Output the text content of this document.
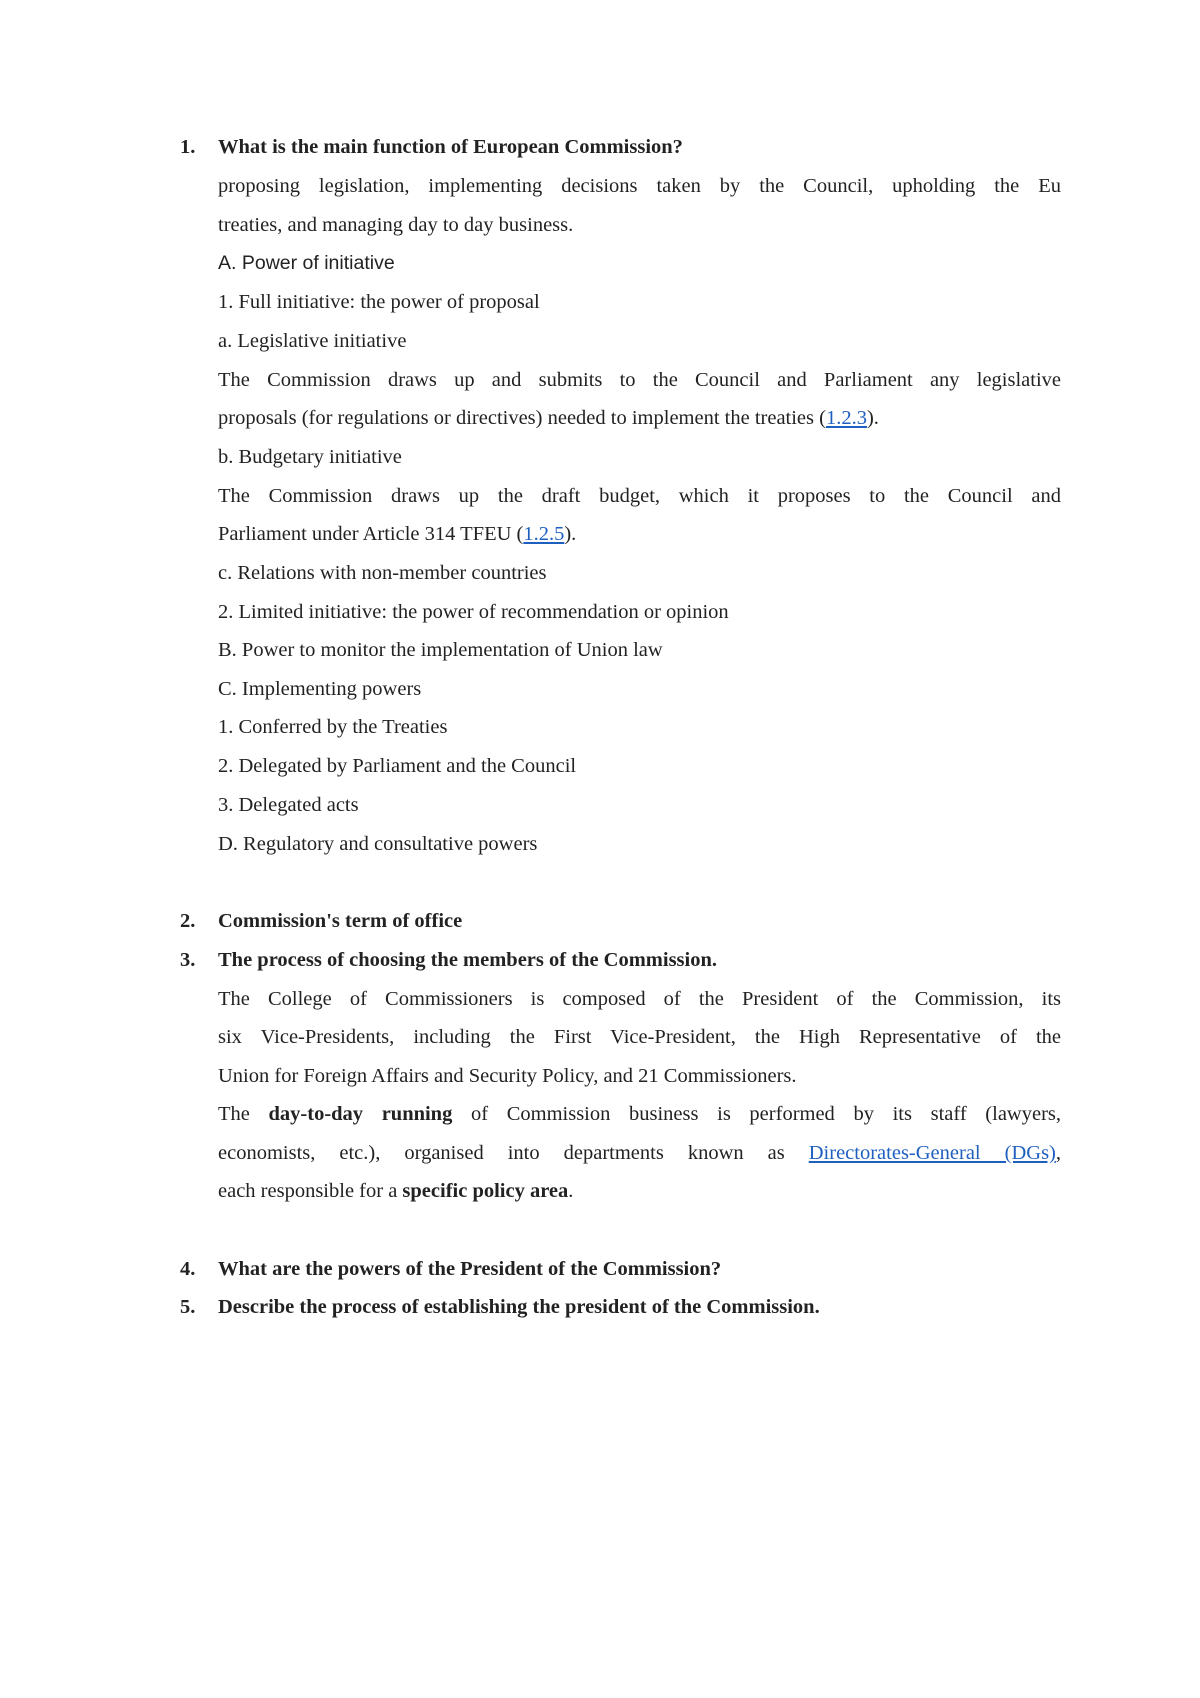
1. What is the main function of European Commission?
proposing legislation, implementing decisions taken by the Council, upholding the Eu
treaties, and managing day to day business.
A. Power of initiative
1. Full initiative: the power of proposal
a. Legislative initiative
The Commission draws up and submits to the Council and Parliament any legislative
proposals (for regulations or directives) needed to implement the treaties (1.2.3).
b. Budgetary initiative
The Commission draws up the draft budget, which it proposes to the Council and
Parliament under Article 314 TFEU (1.2.5).
c. Relations with non-member countries
2. Limited initiative: the power of recommendation or opinion
B. Power to monitor the implementation of Union law
C. Implementing powers
1. Conferred by the Treaties
2. Delegated by Parliament and the Council
3. Delegated acts
D. Regulatory and consultative powers
2. Commission's term of office
3. The process of choosing the members of the Commission.
The College of Commissioners is composed of the President of the Commission, its
six Vice-Presidents, including the First Vice-President, the High Representative of the
Union for Foreign Affairs and Security Policy, and 21 Commissioners.
The day-to-day running of Commission business is performed by its staff (lawyers,
economists, etc.), organised into departments known as Directorates-General (DGs),
each responsible for a specific policy area.
4. What are the powers of the President of the Commission?
5. Describe the process of establishing the president of the Commission.
